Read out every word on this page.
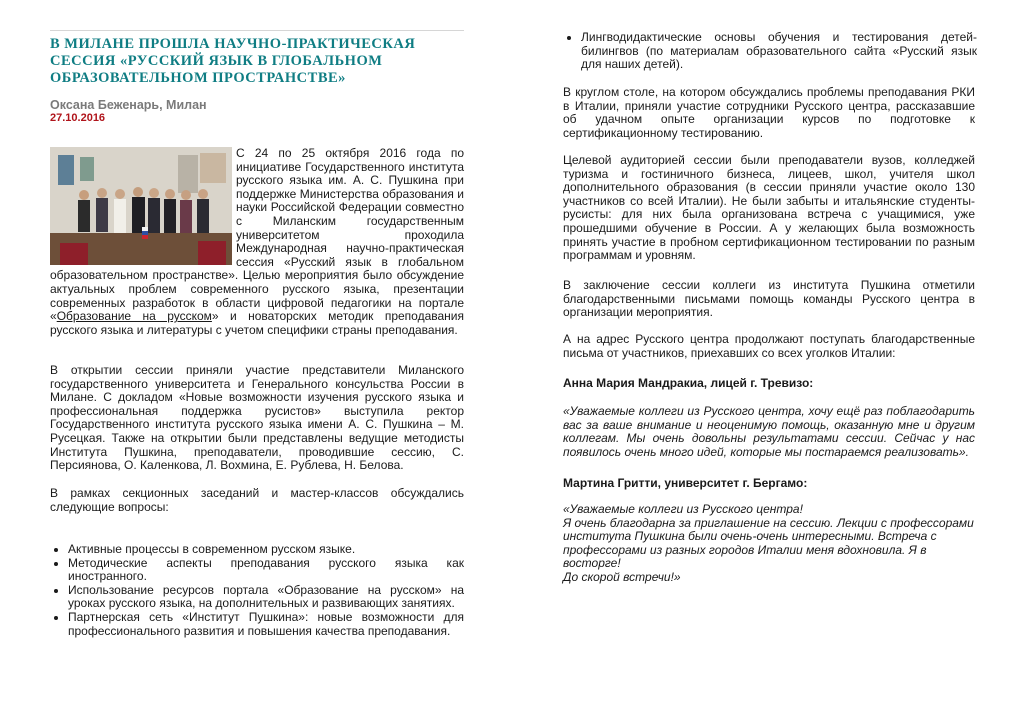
В МИЛАНЕ ПРОШЛА НАУЧНО-ПРАКТИЧЕСКАЯ СЕССИЯ «РУССКИЙ ЯЗЫК В ГЛОБАЛЬНОМ ОБРАЗОВАТЕЛЬНОМ ПРОСТРАНСТВЕ»
Оксана Беженарь, Милан
27.10.2016

С 24 по 25 октября 2016 года по инициативе Государственного института русского языка им. А. С. Пушкина при поддержке Министерства образования и науки Российской Федерации совместно с Миланским государственным университетом проходила Международная научно-практическая сессия «Русский язык в глобальном образовательном пространстве». Целью мероприятия было обсуждение актуальных проблем современного русского языка, презентации современных разработок в области цифровой педагогики на портале «Образование на русском» и новаторских методик преподавания русского языка и литературы с учетом специфики страны преподавания.

В открытии сессии приняли участие представители Миланского государственного университета и Генерального консульства России в Милане. С докладом «Новые возможности изучения русского языка и профессиональная поддержка русистов» выступила ректор Государственного института русского языка имени А. С. Пушкина – М. Русецкая. Также на открытии были представлены ведущие методисты Института Пушкина, преподаватели, проводившие сессию, С. Персиянова, О. Каленкова, Л. Вохмина, Е. Рублева, Н. Белова.

В рамках секционных заседаний и мастер-классов обсуждались следующие вопросы:

• Активные процессы в современном русском языке.
• Методические аспекты преподавания русского языка как иностранного.
• Использование ресурсов портала «Образование на русском» на уроках русского языка, на дополнительных и развивающих занятиях.
• Партнерская сеть «Институт Пушкина»: новые возможности для профессионального развития и повышения качества преподавания.
• Лингводидактические основы обучения и тестирования детей-билингвов (по материалам образовательного сайта «Русский язык для наших детей).

В круглом столе, на котором обсуждались проблемы преподавания РКИ в Италии, приняли участие сотрудники Русского центра, рассказавшие об удачном опыте организации курсов по подготовке к сертификационному тестированию.

Целевой аудиторией сессии были преподаватели вузов, колледжей туризма и гостиничного бизнеса, лицеев, школ, учителя школ дополнительного образования (в сессии приняли участие около 130 участников со всей Италии). Не были забыты и итальянские студенты-русисты: для них была организована встреча с учащимися, уже прошедшими обучение в России. А у желающих была возможность принять участие в пробном сертификационном тестировании по разным программам и уровням.

В заключение сессии коллеги из института Пушкина отметили благодарственными письмами помощь команды Русского центра в организации мероприятия.

А на адрес Русского центра продолжают поступать благодарственные письма от участников, приехавших со всех уголков Италии:

Анна Мария Мандракиа, лицей г. Тревизо:

«Уважаемые коллеги из Русского центра, хочу ещё раз поблагодарить вас за ваше внимание и неоценимую помощь, оказанную мне и другим коллегам. Мы очень довольны результатами сессии. Сейчас у нас появилось очень много идей, которые мы постараемся реализовать».

Мартина Гритти, университет г. Бергамо:
«Уважаемые коллеги из Русского центра!
Я очень благодарна за приглашение на сессию. Лекции с профессорами института Пушкина были очень-очень интересными. Встреча с профессорами из разных городов Италии меня вдохновила. Я в восторге!
До скорой встречи!»
